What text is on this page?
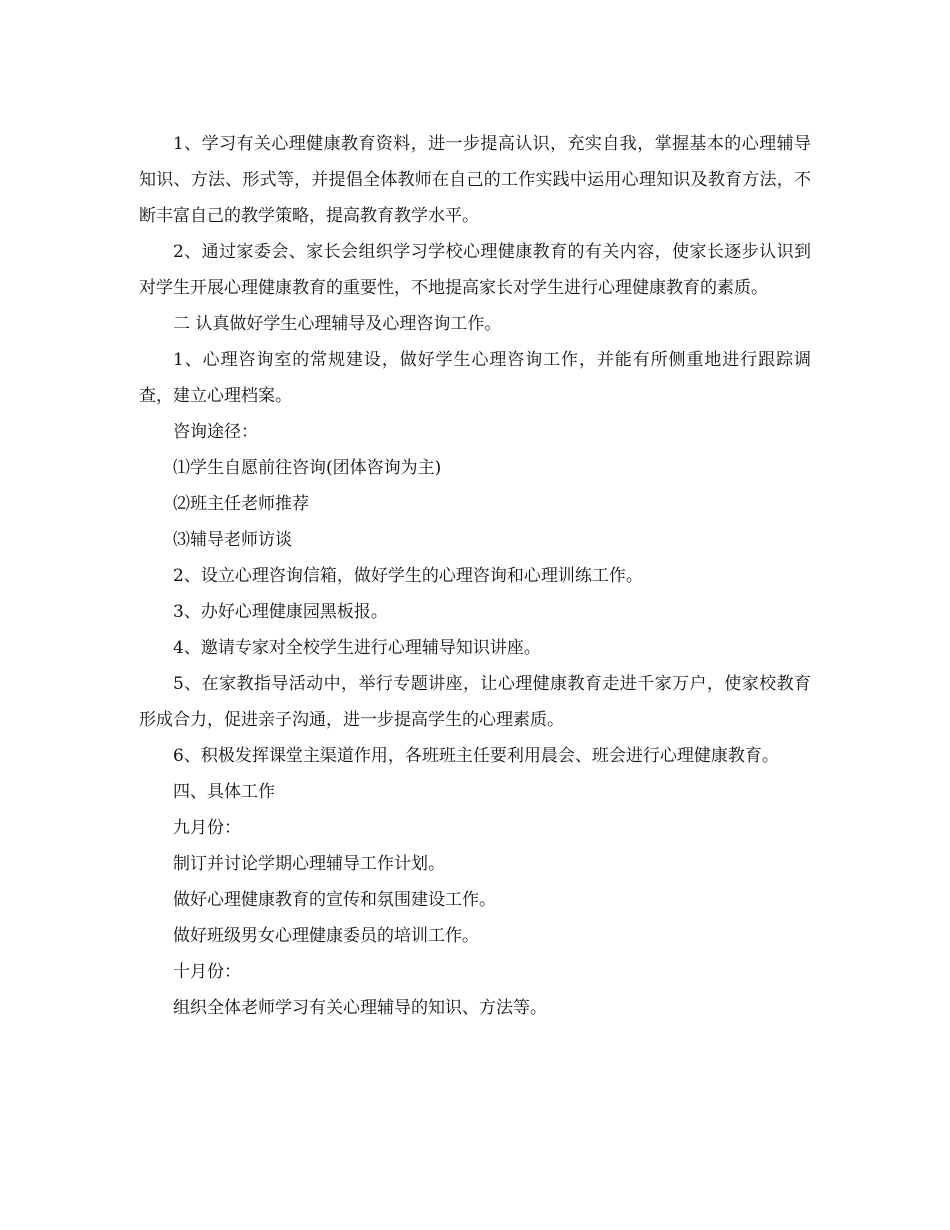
1、学习有关心理健康教育资料，进一步提高认识，充实自我，掌握基本的心理辅导知识、方法、形式等，并提倡全体教师在自己的工作实践中运用心理知识及教育方法，不断丰富自己的教学策略，提高教育教学水平。

2、通过家委会、家长会组织学习学校心理健康教育的有关内容，使家长逐步认识到对学生开展心理健康教育的重要性，不地提高家长对学生进行心理健康教育的素质。

二 认真做好学生心理辅导及心理咨询工作。

1、心理咨询室的常规建设，做好学生心理咨询工作，并能有所侧重地进行跟踪调查，建立心理档案。

咨询途径：

⑴学生自愿前往咨询(团体咨询为主)

⑵班主任老师推荐

⑶辅导老师访谈

2、设立心理咨询信箱，做好学生的心理咨询和心理训练工作。

3、办好心理健康园黑板报。

4、邀请专家对全校学生进行心理辅导知识讲座。

5、在家教指导活动中，举行专题讲座，让心理健康教育走进千家万户，使家校教育形成合力，促进亲子沟通，进一步提高学生的心理素质。

6、积极发挥课堂主渠道作用，各班班主任要利用晨会、班会进行心理健康教育。

四、具体工作

九月份：

制订并讨论学期心理辅导工作计划。

做好心理健康教育的宣传和氛围建设工作。

做好班级男女心理健康委员的培训工作。

十月份：

组织全体老师学习有关心理辅导的知识、方法等。
